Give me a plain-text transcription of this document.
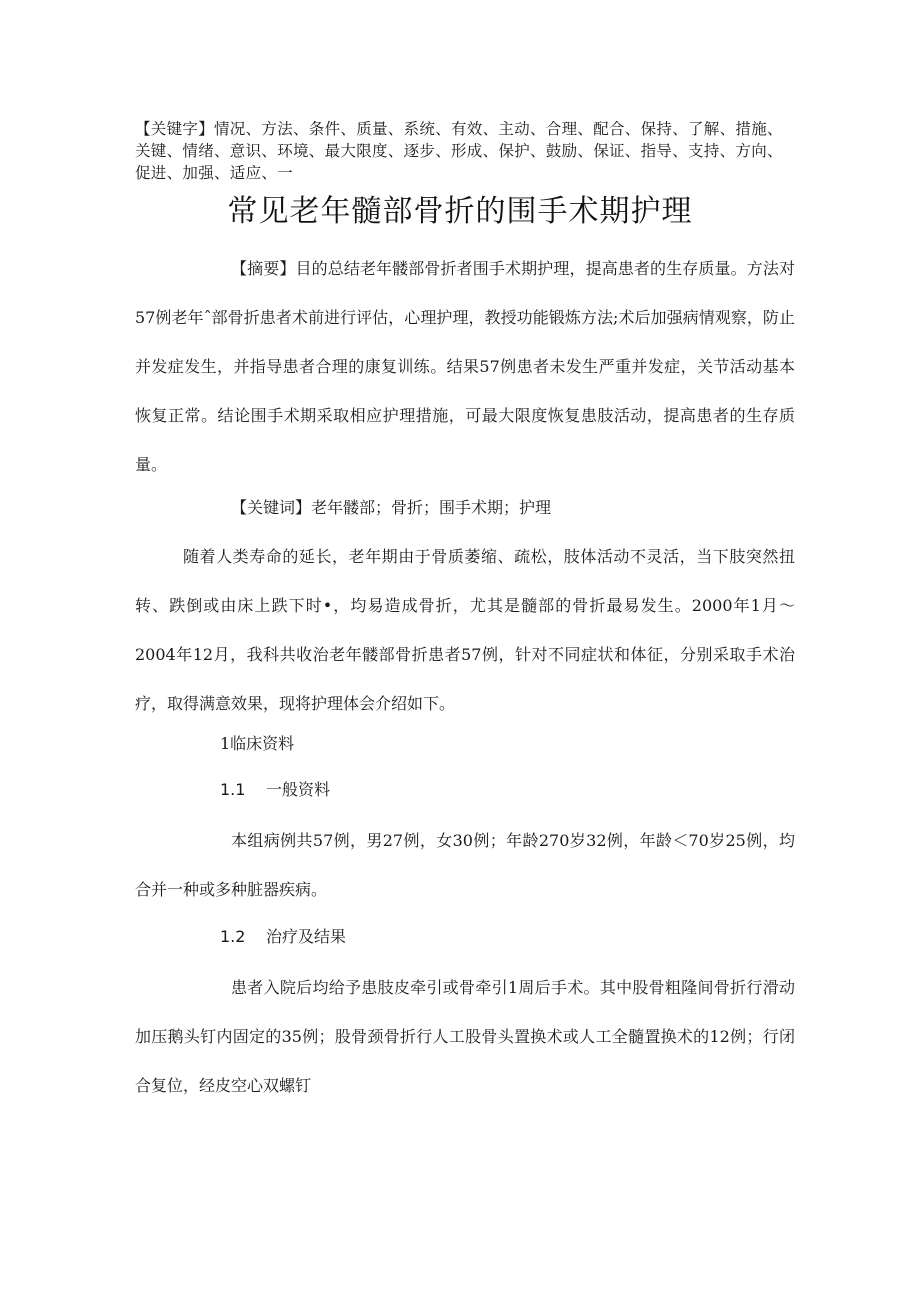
【关键字】情况、方法、条件、质量、系统、有效、主动、合理、配合、保持、了解、措施、关键、情绪、意识、环境、最大限度、逐步、形成、保护、鼓励、保证、指导、支持、方向、促进、加强、适应、一

常见老年髓部骨折的围手术期护理

【摘要】目的总结老年髅部骨折者围手术期护理，提高患者的生存质量。方法对57例老年ˆ部骨折患者术前进行评估，心理护理，教授功能锻炼方法;术后加强病情观察，防止并发症发生，并指导患者合理的康复训练。结果57例患者未发生严重并发症，关节活动基本恢复正常。结论围手术期采取相应护理措施，可最大限度恢复患肢活动，提高患者的生存质量。

【关键词】老年髅部；骨折；围手术期；护理

随着人类寿命的延长，老年期由于骨质萎缩、疏松，肢体活动不灵活，当下肢突然扭转、跌倒或由床上跌下时•，均易造成骨折，尤其是髓部的骨折最易发生。2000年1月～2004年12月，我科共收治老年髅部骨折患者57例，针对不同症状和体征，分别采取手术治疗，取得满意效果，现将护理体会介绍如下。

1临床资料

1.1 一般资料

本组病例共57例，男27例，女30例；年龄270岁32例，年龄＜70岁25例，均合并一种或多种脏器疾病。

1.2 治疗及结果

患者入院后均给予患肢皮牵引或骨牵引1周后手术。其中股骨粗隆间骨折行滑动加压鹅头钉内固定的35例；股骨颈骨折行人工股骨头置换术或人工全髓置换术的12例；行闭合复位，经皮空心双螺钉
